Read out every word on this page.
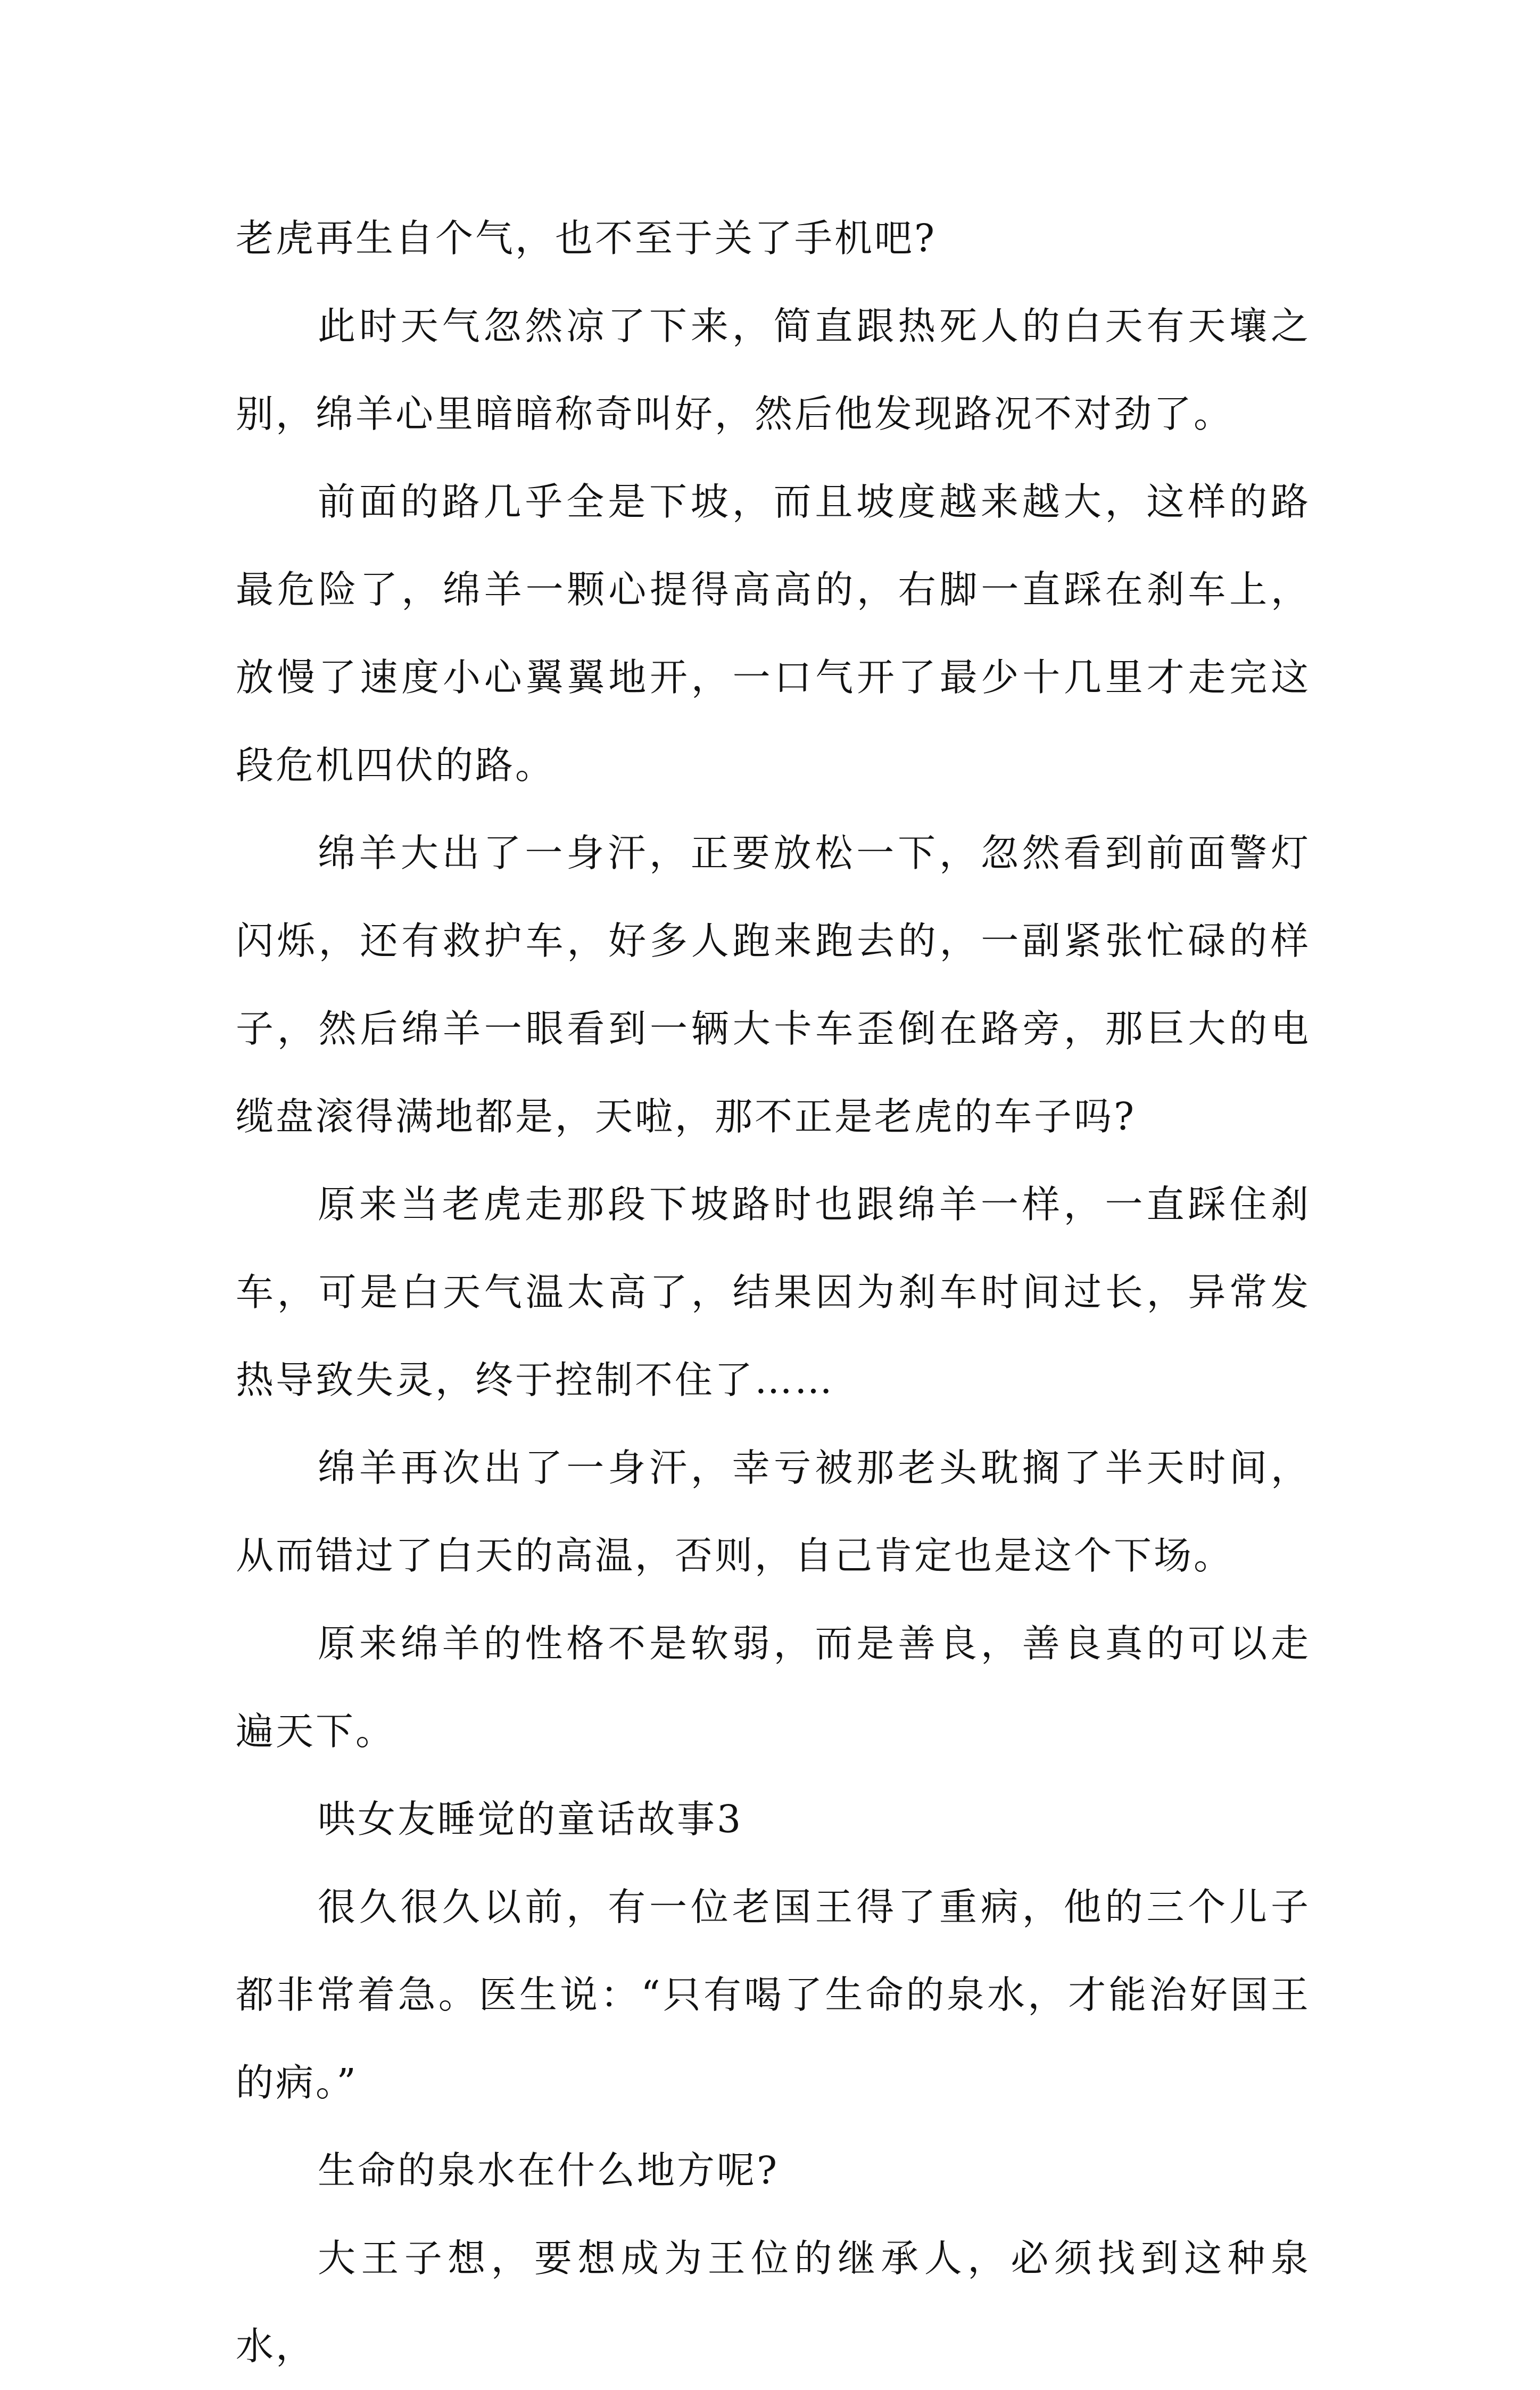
老虎再生自个气，也不至于关了手机吧?

此时天气忽然凉了下来，简直跟热死人的白天有天壤之别，绵羊心里暗暗称奇叫好，然后他发现路况不对劲了。

前面的路几乎全是下坡，而且坡度越来越大，这样的路最危险了，绵羊一颗心提得高高的，右脚一直踩在刹车上，放慢了速度小心翼翼地开，一口气开了最少十几里才走完这段危机四伏的路。

绵羊大出了一身汗，正要放松一下，忽然看到前面警灯闪烁，还有救护车，好多人跑来跑去的，一副紧张忙碌的样子，然后绵羊一眼看到一辆大卡车歪倒在路旁，那巨大的电缆盘滚得满地都是，天啦，那不正是老虎的车子吗?

原来当老虎走那段下坡路时也跟绵羊一样，一直踩住刹车，可是白天气温太高了，结果因为刹车时间过长，异常发热导致失灵，终于控制不住了……

绵羊再次出了一身汗，幸亏被那老头耽搁了半天时间，从而错过了白天的高温，否则，自己肯定也是这个下场。

原来绵羊的性格不是软弱，而是善良，善良真的可以走遍天下。

哄女友睡觉的童话故事3

很久很久以前，有一位老国王得了重病，他的三个儿子都非常着急。医生说：“只有喝了生命的泉水，才能治好国王的病。”

生命的泉水在什么地方呢?

大王子想，要想成为王位的继承人，必须找到这种泉水，
